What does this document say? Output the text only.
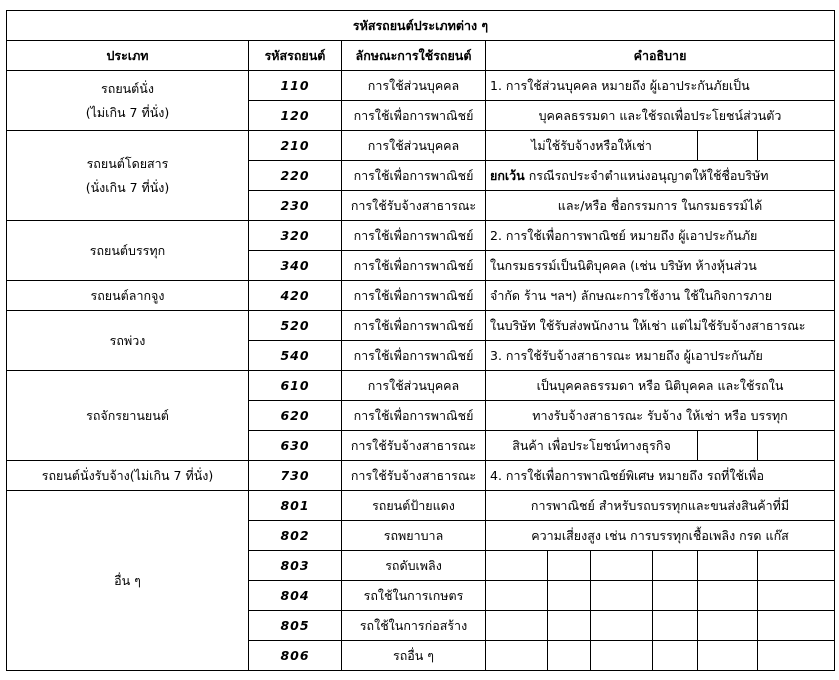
รหัสรถยนต์ประเภทต่าง ๆ								
ประเภท	รหัสรถยนต์	ลักษณะการใช้รถยนต์	คำอธิบาย					

รถยนต์นั่ง
(ไม่เกิน 7 ที่นั่ง)	110	การใช้ส่วนบุคคล	1. การใช้ส่วนบุคคล หมายถึง ผู้เอาประกันภัยเป็น					
	120	การใช้เพื่อการพาณิชย์	บุคคลธรรมดา และใช้รถเพื่อประโยชน์ส่วนตัว					

รถยนต์โดยสาร
(นั่งเกิน 7 ที่นั่ง)	210	การใช้ส่วนบุคคล	ไม่ใช้รับจ้างหรือให้เช่า					
	220	การใช้เพื่อการพาณิชย์	ยกเว้น กรณีรถประจำตำแหน่งอนุญาตให้ใช้ชื่อบริษัท					
	230	การใช้รับจ้างสาธารณะ	และ/หรือ ชื่อกรรมการ ในกรมธรรม์ได้					

รถยนต์บรรทุก	320	การใช้เพื่อการพาณิชย์	2. การใช้เพื่อการพาณิชย์ หมายถึง ผู้เอาประกันภัย					
	340	การใช้เพื่อการพาณิชย์	ในกรมธรรม์เป็นนิติบุคคล (เช่น บริษัท ห้างหุ้นส่วน					

รถยนต์ลากจูง	420	การใช้เพื่อการพาณิชย์	จำกัด ร้าน ฯลฯ) ลักษณะการใช้งาน ใช้ในกิจการภาย					

รถพ่วง	520	การใช้เพื่อการพาณิชย์	ในบริษัท ใช้รับส่งพนักงาน ให้เช่า แต่ไม่ใช้รับจ้างสาธารณะ					
	540	การใช้เพื่อการพาณิชย์	3. การใช้รับจ้างสาธารณะ หมายถึง ผู้เอาประกันภัย					

รถจักรยานยนต์	610	การใช้ส่วนบุคคล	เป็นบุคคลธรรมดา หรือ นิติบุคคล และใช้รถใน					
	620	การใช้เพื่อการพาณิชย์	ทางรับจ้างสาธารณะ รับจ้าง ให้เช่า หรือ บรรทุก					
	630	การใช้รับจ้างสาธารณะ	สินค้า เพื่อประโยชน์ทางธุรกิจ					

รถยนต์นั่งรับจ้าง(ไม่เกิน 7 ที่นั่ง)	730	การใช้รับจ้างสาธารณะ	4. การใช้เพื่อการพาณิชย์พิเศษ หมายถึง รถที่ใช้เพื่อ					

อื่น ๆ	801	รถยนต์ป้ายแดง	การพาณิชย์ สำหรับรถบรรทุกและขนส่งสินค้าที่มี					
	802	รถพยาบาล	ความเสี่ยงสูง เช่น การบรรทุกเชื้อเพลิง กรด แก๊ส					
	803	รถดับเพลิง						
	804	รถใช้ในการเกษตร						
	805	รถใช้ในการก่อสร้าง						
	806	รถอื่น ๆ						
